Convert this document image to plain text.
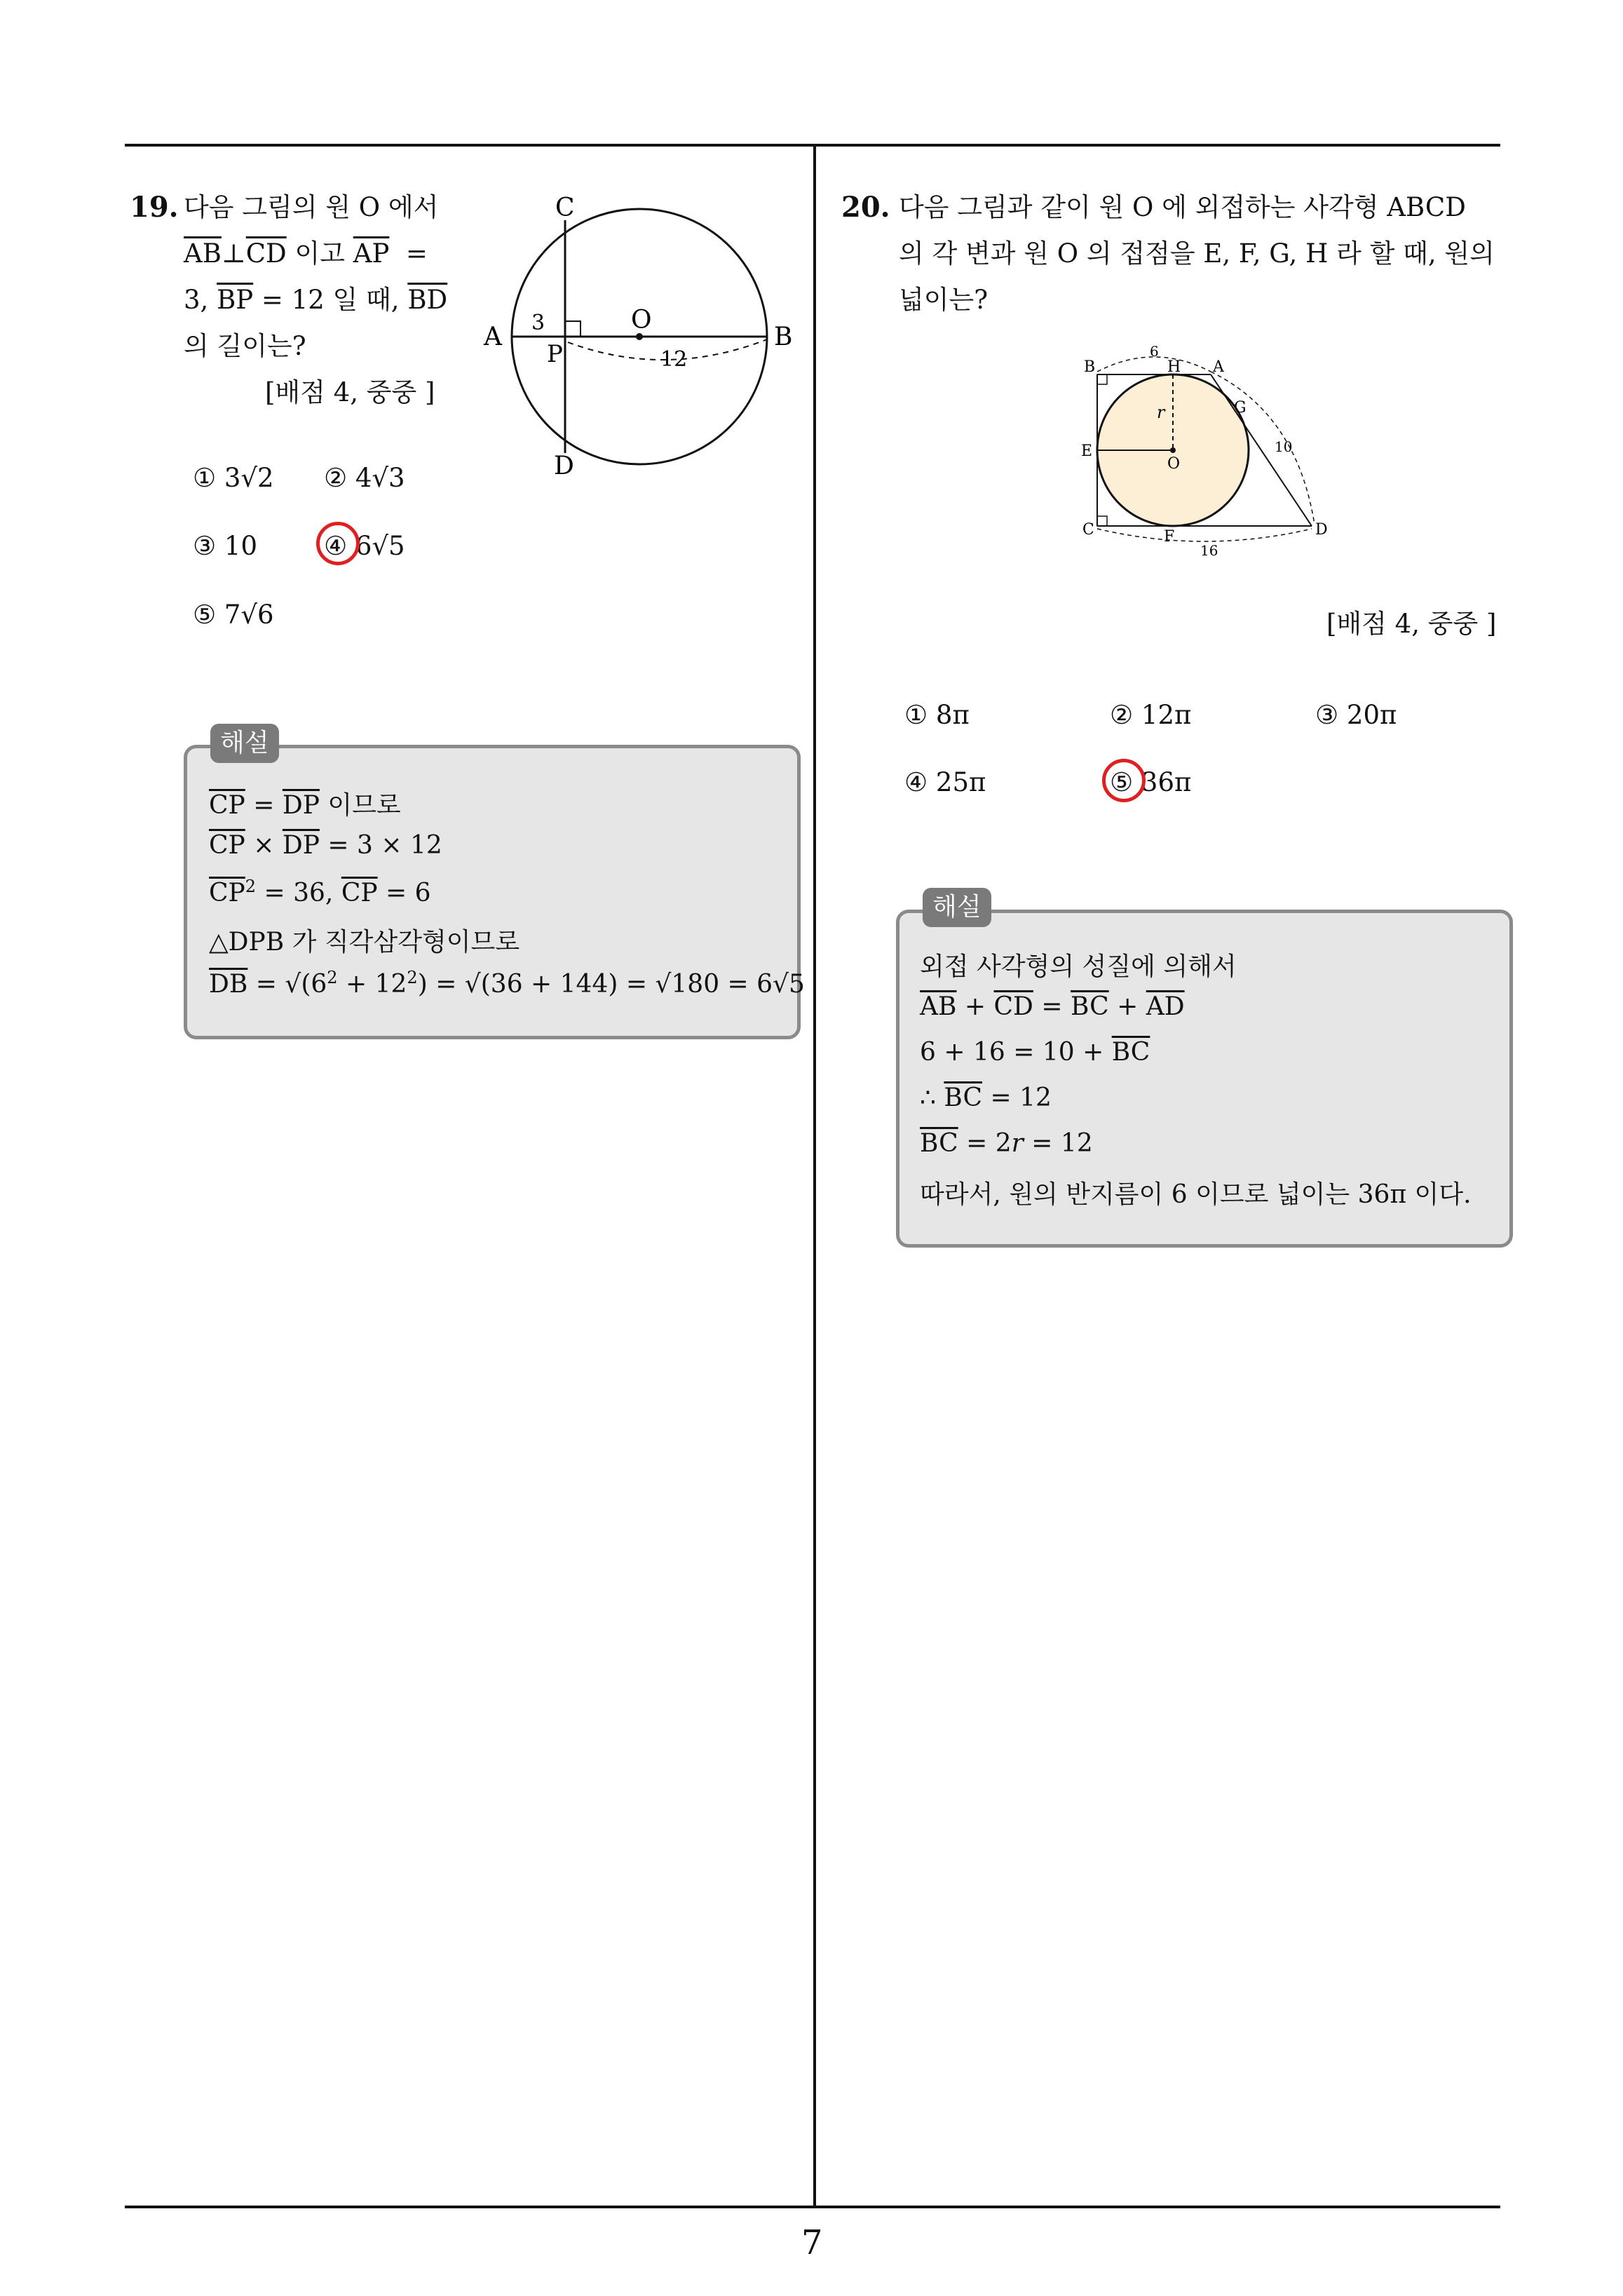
7
19. 다음 그림의 원 O 에서
$\overline{AB}\perp\overline{CD}$ 이고 $\overline{AP}$  =
3, $\overline{BP} = 12$ 일 때, $\overline{BD}$
의 길이는?
[배점 4, 중중 ]
C
D
A	B
O
P
3
12
① 3√2 ② 4√3
③ 10	④ 6√5
⑤ 7√6
해설
$\overline{CP} = \overline{DP}$ 이므로
$\overline{CP} \times \overline{DP} = 3 \times 12$
$\overline{CP}^2 = 36$, $\overline{CP} = 6$
△DPB 가 직각삼각형이므로
$\overline{DB} = √(6^2 + 12^2) = √(36 + 144) = √180 = 6√5$
20. 다음 그림과 같이 원 O 에 외접하는 사각형 ABCD
의 각 변과 원 O 의 접점을 E, F, G, H 라 할 때, 원의
넓이는?
B	H A
G
E
O
C	F	D
r
6
10
16
[배점 4, 중중 ]
① 8π	② 12π	③ 20π
④ 25π	⑤ 36π
해설
외접 사각형의 성질에 의해서
$\overline{AB} + \overline{CD} = \overline{BC} + \overline{AD}$
$6 + 16 = 10 + \overline{BC}$
∴ $\overline{BC} = 12$
$\overline{BC} = 2r = 12$
따라서, 원의 반지름이 6 이므로 넓이는 36π 이다.
